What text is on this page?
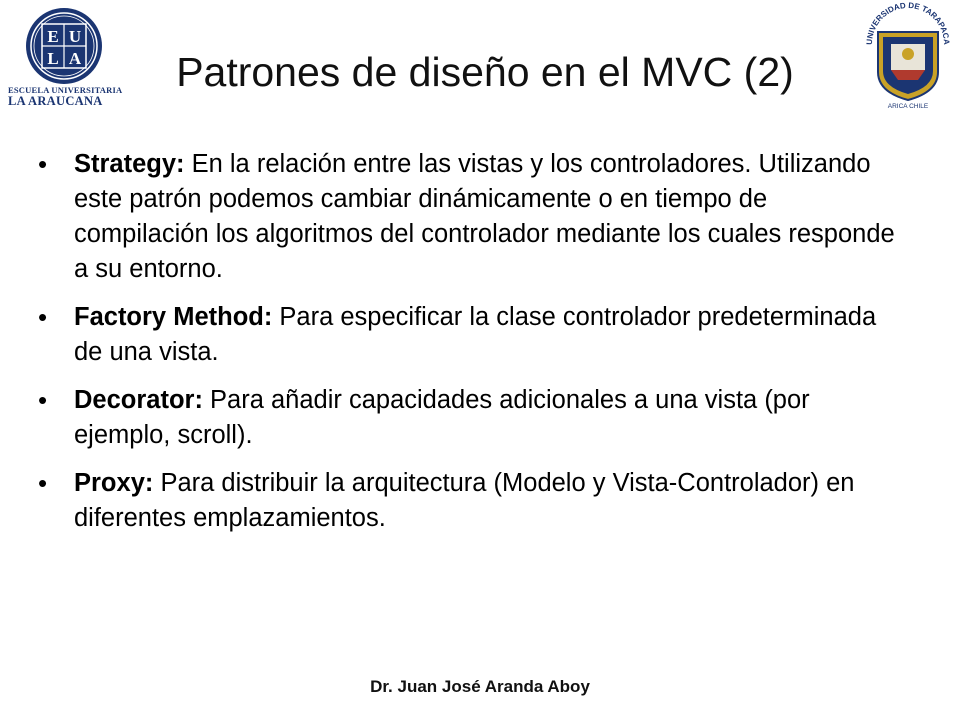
E U
L A
ESCUELA UNIVERSITARIA
LA ARAUCANA
UNIVERSIDAD DE TARAPACA
ARICA CHILE
Patrones de diseño en el MVC (2)
• Strategy: En la relación entre las vistas y los controladores. Utilizando este patrón podemos cambiar dinámicamente o en tiempo de compilación los algoritmos del controlador mediante los cuales responde a su entorno.
• Factory Method: Para especificar la clase controlador predeterminada de una vista.
• Decorator: Para añadir capacidades adicionales a una vista (por ejemplo, scroll).
• Proxy: Para distribuir la arquitectura (Modelo y Vista-Controlador) en diferentes emplazamientos.
Dr. Juan José Aranda Aboy
